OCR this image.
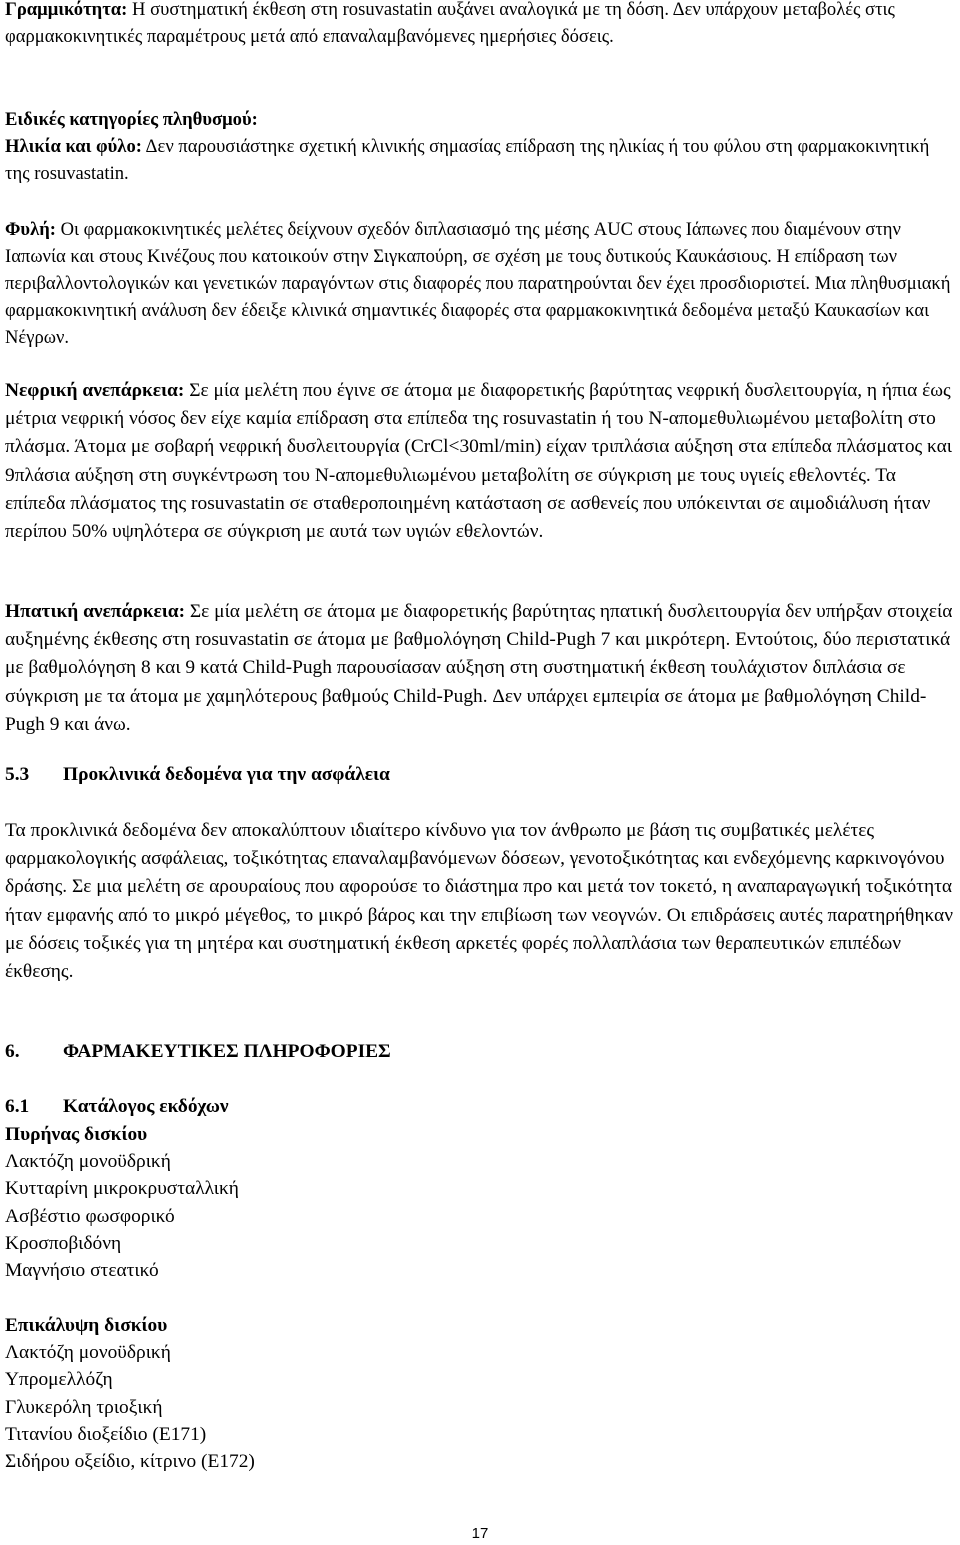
Γραμμικότητα: Η συστηματική έκθεση στη rosuvastatin αυξάνει αναλογικά με τη δόση. Δεν υπάρχουν μεταβολές στις φαρμακοκινητικές παραμέτρους μετά από επαναλαμβανόμενες ημερήσιες δόσεις.

Ειδικές κατηγορίες πληθυσμού:
Ηλικία και φύλο: Δεν παρουσιάστηκε σχετική κλινικής σημασίας επίδραση της ηλικίας ή του φύλου στη φαρμακοκινητική της rosuvastatin.

Φυλή: Οι φαρμακοκινητικές μελέτες δείχνουν σχεδόν διπλασιασμό της μέσης AUC στους Ιάπωνες που διαμένουν στην Ιαπωνία και στους Κινέζους που κατοικούν στην Σιγκαπούρη, σε σχέση με τους δυτικούς Καυκάσιους. Η επίδραση των περιβαλλοντολογικών και γενετικών παραγόντων στις διαφορές που παρατηρούνται δεν έχει προσδιοριστεί. Μια πληθυσμιακή φαρμακοκινητική ανάλυση δεν έδειξε κλινικά σημαντικές διαφορές στα φαρμακοκινητικά δεδομένα μεταξύ Καυκασίων και Νέγρων.

Νεφρική ανεπάρκεια: Σε μία μελέτη που έγινε σε άτομα με διαφορετικής βαρύτητας νεφρική δυσλειτουργία, η ήπια έως μέτρια νεφρική νόσος δεν είχε καμία επίδραση στα επίπεδα της rosuvastatin ή του Ν-απομεθυλιωμένου μεταβολίτη στο πλάσμα. Άτομα με σοβαρή νεφρική δυσλειτουργία (CrCl<30ml/min) είχαν τριπλάσια αύξηση στα επίπεδα πλάσματος και 9πλάσια αύξηση στη συγκέντρωση του Ν-απομεθυλιωμένου μεταβολίτη σε σύγκριση με τους υγιείς εθελοντές. Τα επίπεδα πλάσματος της rosuvastatin σε σταθεροποιημένη κατάσταση σε ασθενείς που υπόκεινται σε αιμοδιάλυση ήταν περίπου 50% υψηλότερα σε σύγκριση με αυτά των υγιών εθελοντών.

Ηπατική ανεπάρκεια: Σε μία μελέτη σε άτομα με διαφορετικής βαρύτητας ηπατική δυσλειτουργία δεν υπήρξαν στοιχεία αυξημένης έκθεσης στη rosuvastatin σε άτομα με βαθμολόγηση Child-Pugh 7 και μικρότερη. Εντούτοις, δύο περιστατικά με βαθμολόγηση 8 και 9 κατά Child-Pugh παρουσίασαν αύξηση στη συστηματική έκθεση τουλάχιστον διπλάσια σε σύγκριση με τα άτομα με χαμηλότερους βαθμούς Child-Pugh. Δεν υπάρχει εμπειρία σε άτομα με βαθμολόγηση Child-Pugh 9 και άνω.

5.3 Προκλινικά δεδομένα για την ασφάλεια

Τα προκλινικά δεδομένα δεν αποκαλύπτουν ιδιαίτερο κίνδυνο για τον άνθρωπο με βάση τις συμβατικές μελέτες φαρμακολογικής ασφάλειας, τοξικότητας επαναλαμβανόμενων δόσεων, γενοτοξικότητας και ενδεχόμενης καρκινογόνου δράσης. Σε μια μελέτη σε αρουραίους που αφορούσε το διάστημα προ και μετά τον τοκετό, η αναπαραγωγική τοξικότητα ήταν εμφανής από το μικρό μέγεθος, το μικρό βάρος και την επιβίωση των νεογνών. Οι επιδράσεις αυτές παρατηρήθηκαν με δόσεις τοξικές για τη μητέρα και συστηματική έκθεση αρκετές φορές πολλαπλάσια των θεραπευτικών επιπέδων έκθεσης.

6. ΦΑΡΜΑΚΕΥΤΙΚΕΣ ΠΛΗΡΟΦΟΡΙΕΣ
6.1 Κατάλογος εκδόχων
Πυρήνας δισκίου
Λακτόζη μονοϋδρική
Κυτταρίνη μικροκρυσταλλική
Ασβέστιο φωσφορικό
Κροσποβιδόνη
Μαγνήσιο στεατικό
Επικάλυψη δισκίου
Λακτόζη μονοϋδρική
Υπρομελλόζη
Γλυκερόλη τριοξική
Τιτανίου διοξείδιο (Ε171)
Σιδήρου οξείδιο, κίτρινο (Ε172)
17
